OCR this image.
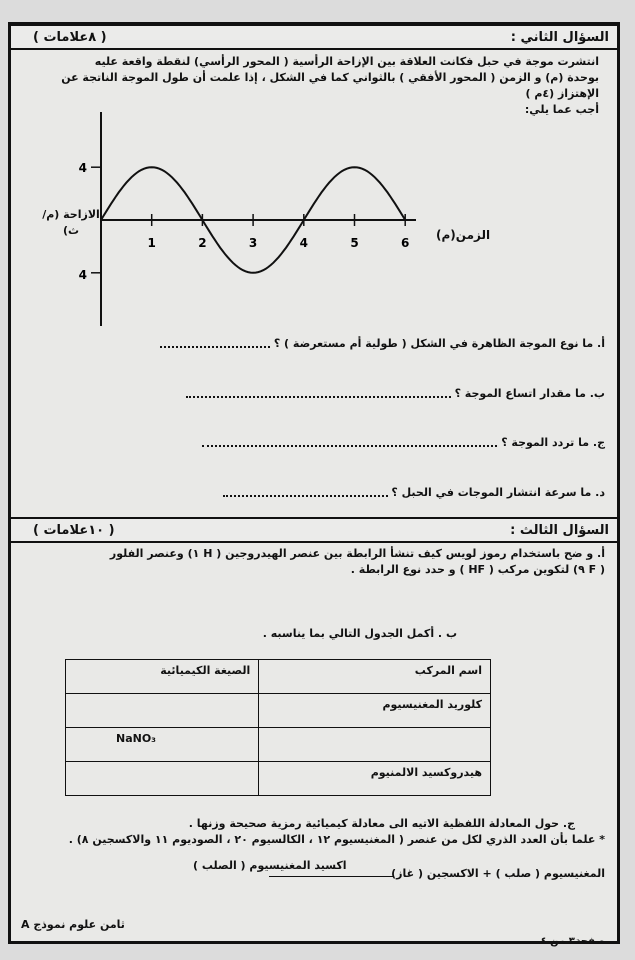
السؤال الثاني :
( ٨علامات )
انتشرت موجة في حبل فكانت العلاقة بين الإزاحة الرأسية ( المحور الرأسي) لنقطة واقعة عليه
بوحدة (م) و الزمن ( المحور الأفقي ) بالثواني كما في الشكل ، إذا علمت أن طول الموجة الناتجة عن الإهتزاز (٤م )
أجب عما يلي:
1	2	3	4	5	6
4
4
الزمن(م)
الازاحة (م/ث)
أ. ما نوع الموجة الظاهرة في الشكل ( طولية أم مستعرضة ) ؟
ب. ما مقدار اتساع الموجة ؟
ج. ما تردد الموجة ؟
د. ما سرعة انتشار الموجات في الحبل ؟
السؤال الثالث :
( ١٠علامات )
أ. و ضح باستخدام رموز لويس كيف تنشأ الرابطة بين عنصر الهيدروجين ( H ١) وعنصر الفلور
( F ٩) لتكوين مركب ( HF ) و حدد نوع الرابطة .
ب . أكمل الجدول التالي بما يناسبه .
اسم المركب	الصيغة الكيميائية
كلوريد المغنيسيوم	
	NaNO₃
هيدروكسيد الالمنيوم	
ج. حول المعادلة اللفظية الاتيه الى معادلة كيميائية رمزية صحيحة وزنها .
* علما بأن العدد الذري لكل من عنصر ( المغنيسيوم ١٢ ، الكالسيوم ٢٠ ، الصوديوم ١١ والاكسجين ٨) .
المغنيسيوم ( صلب ) + الاكسجين ( غاز)
اكسيد المغنيسيوم ( الصلب )
ثامن علوم نموذج A
صفحة٣ من ٤
